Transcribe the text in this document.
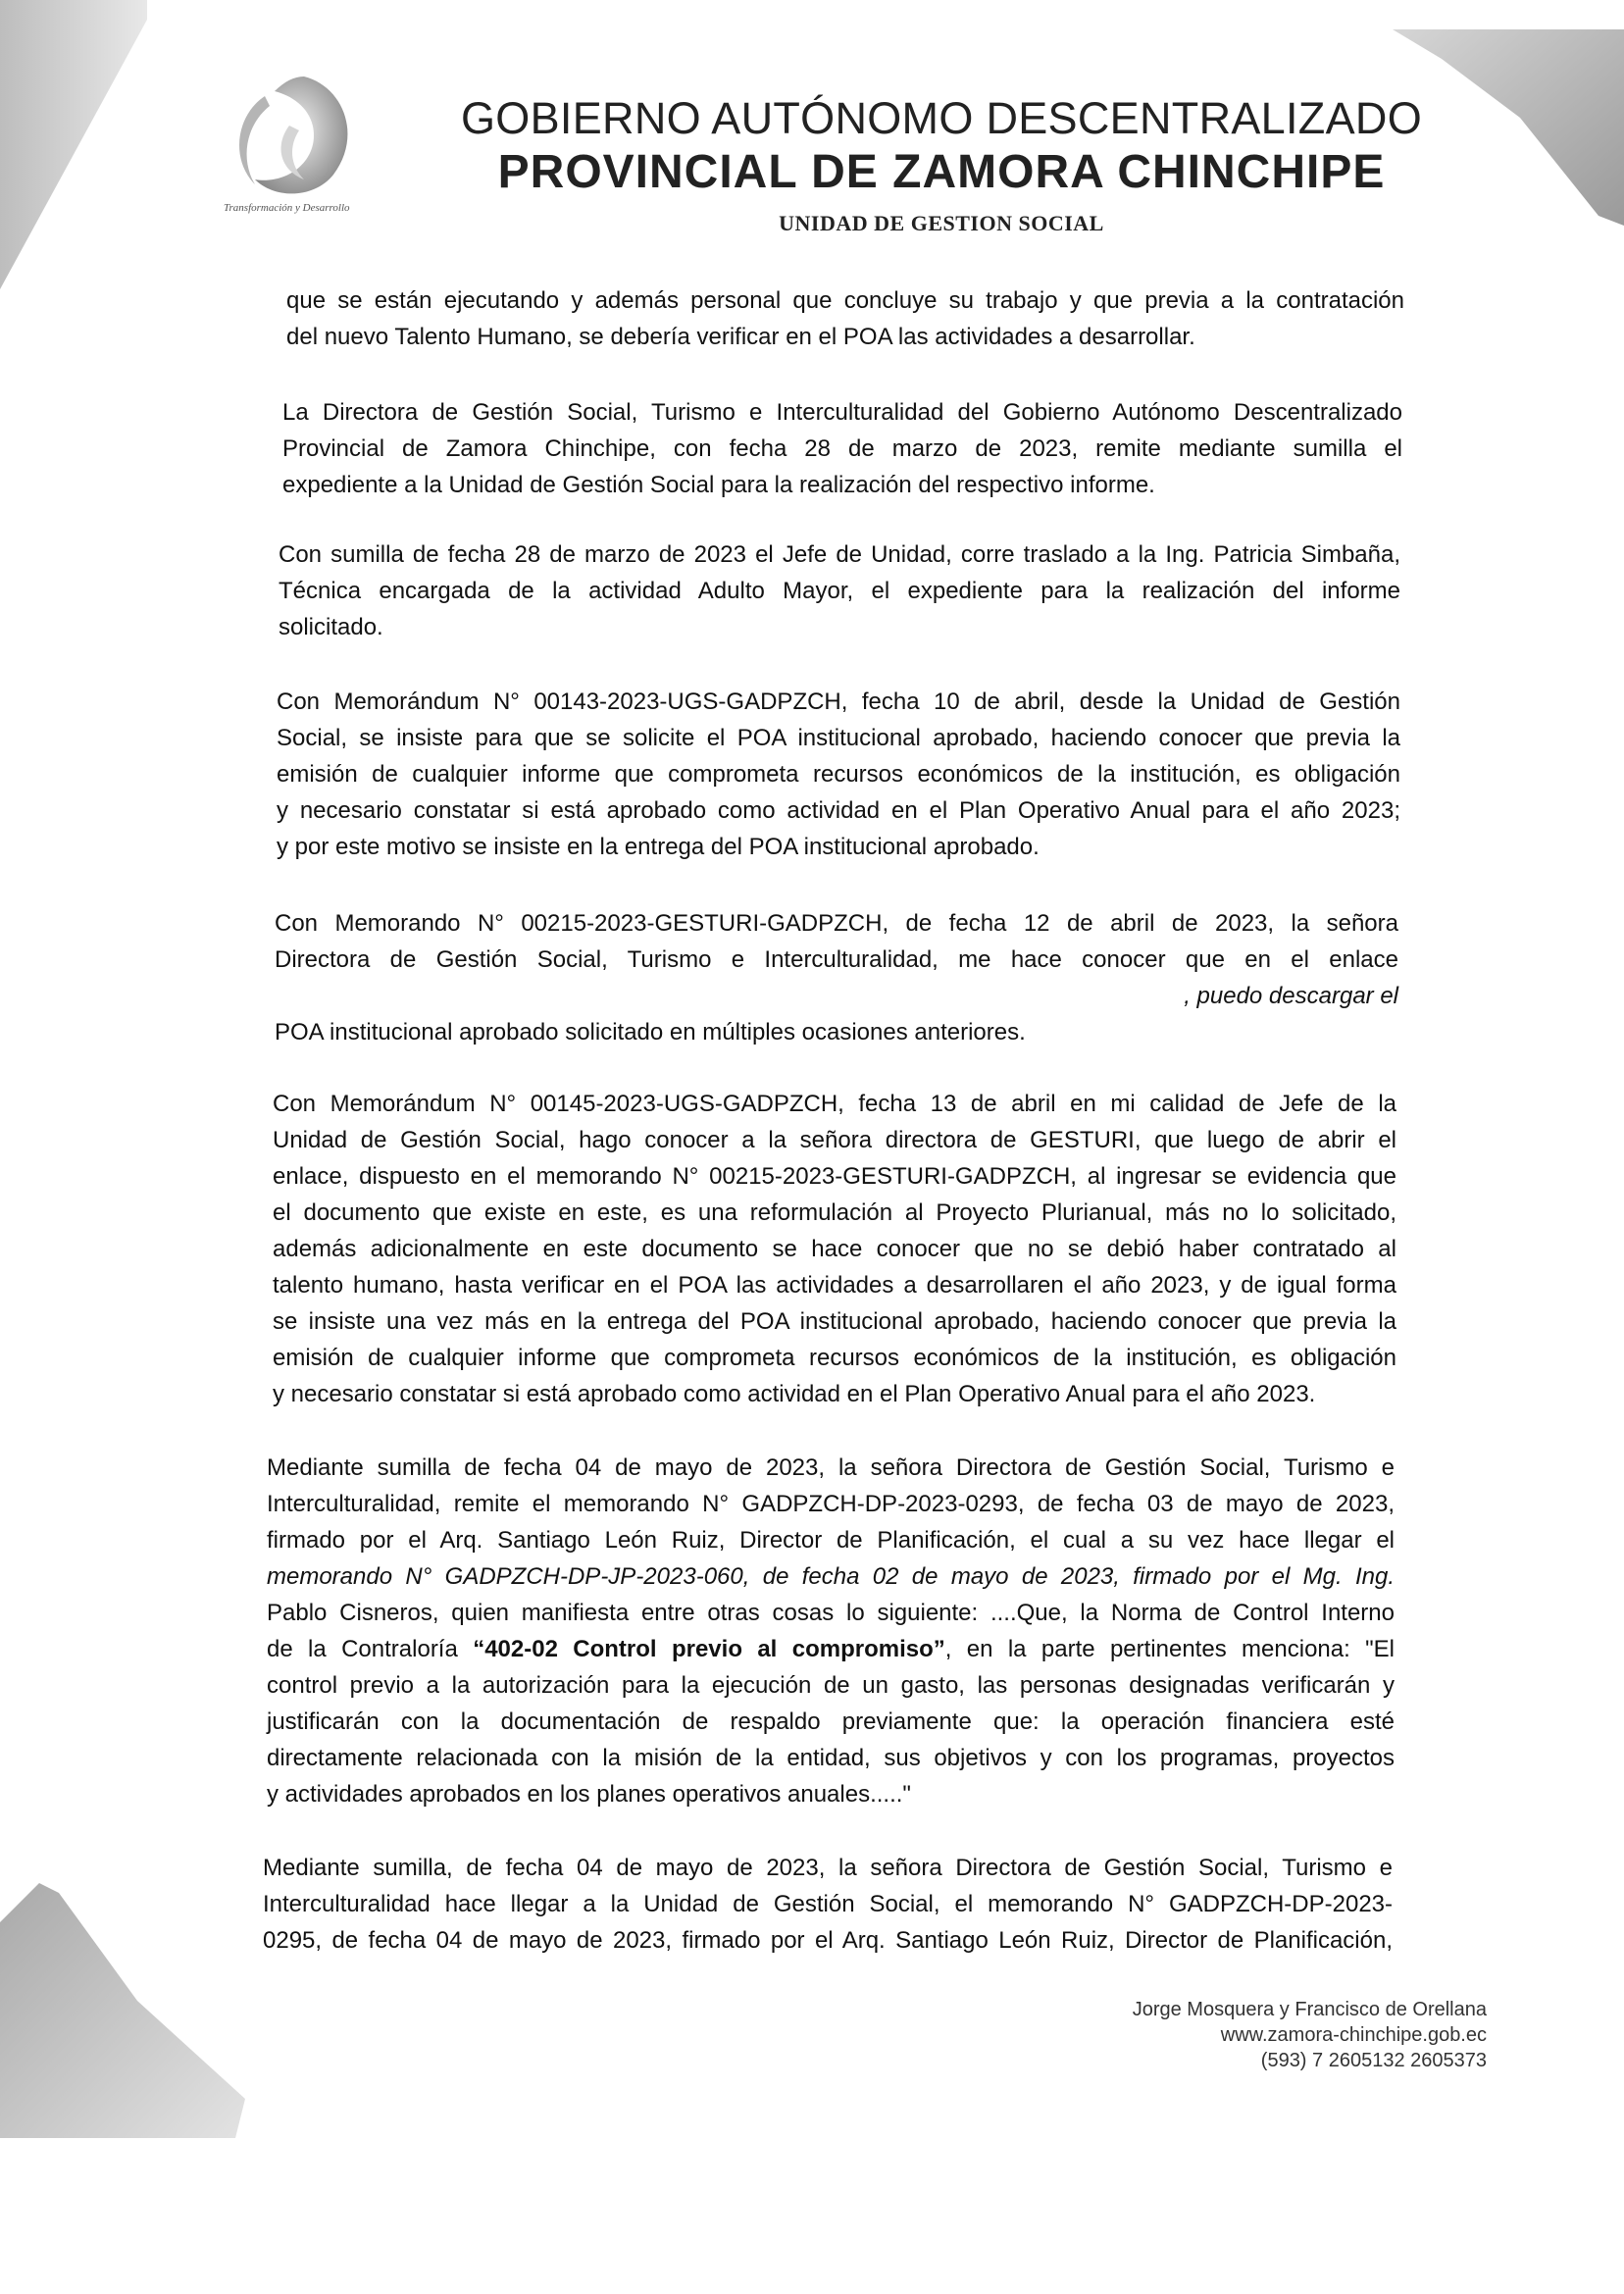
Transformación y Desarrollo
GOBIERNO AUTÓNOMO DESCENTRALIZADO
PROVINCIAL DE ZAMORA CHINCHIPE
UNIDAD DE GESTION SOCIAL
que se están ejecutando y además personal que concluye su trabajo y que previa a la contratación
del nuevo Talento Humano, se debería verificar en el POA las actividades a desarrollar.
La Directora de Gestión Social, Turismo e Interculturalidad del Gobierno Autónomo Descentralizado
Provincial de Zamora Chinchipe, con fecha 28 de marzo de 2023, remite mediante sumilla el
expediente a la Unidad de Gestión Social para la realización del respectivo informe.
Con sumilla de fecha 28 de marzo de 2023 el Jefe de Unidad, corre traslado a la Ing. Patricia Simbaña,
Técnica encargada de la actividad Adulto Mayor, el expediente para la realización del informe
solicitado.
Con Memorándum N° 00143-2023-UGS-GADPZCH, fecha 10 de abril, desde la Unidad de Gestión
Social, se insiste para que se solicite el POA institucional aprobado, haciendo conocer que previa la
emisión de cualquier informe que comprometa recursos económicos de la institución, es obligación
y necesario constatar si está aprobado como actividad en el Plan Operativo Anual para el año 2023;
y por este motivo se insiste en la entrega del POA institucional aprobado.
Con Memorando N° 00215-2023-GESTURI-GADPZCH, de fecha 12 de abril de 2023, la señora
Directora de Gestión Social, Turismo e Interculturalidad, me hace conocer que en el enlace
, puedo descargar el
POA institucional aprobado solicitado en múltiples ocasiones anteriores.
Con Memorándum N° 00145-2023-UGS-GADPZCH, fecha 13 de abril en mi calidad de Jefe de la
Unidad de Gestión Social, hago conocer a la señora directora de GESTURI, que luego de abrir el
enlace, dispuesto en el memorando N° 00215-2023-GESTURI-GADPZCH, al ingresar se evidencia que
el documento que existe en este, es una reformulación al Proyecto Plurianual, más no lo solicitado,
además adicionalmente en este documento se hace conocer que no se debió haber contratado al
talento humano, hasta verificar en el POA las actividades a desarrollaren el año 2023, y de igual forma
se insiste una vez más en la entrega del POA institucional aprobado, haciendo conocer que previa la
emisión de cualquier informe que comprometa recursos económicos de la institución, es obligación
y necesario constatar si está aprobado como actividad en el Plan Operativo Anual para el año 2023.
Mediante sumilla de fecha 04 de mayo de 2023, la señora Directora de Gestión Social, Turismo e
Interculturalidad, remite el memorando N° GADPZCH-DP-2023-0293, de fecha 03 de mayo de 2023,
firmado por el Arq. Santiago León Ruiz, Director de Planificación, el cual a su vez hace llegar el
memorando N° GADPZCH-DP-JP-2023-060, de fecha 02 de mayo de 2023, firmado por el Mg. Ing.
Pablo Cisneros, quien manifiesta entre otras cosas lo siguiente: ....Que, la Norma de Control Interno
de la Contraloría “402-02 Control previo al compromiso”, en la parte pertinentes menciona: "El
control previo a la autorización para la ejecución de un gasto, las personas designadas verificarán y
justificarán con la documentación de respaldo previamente que: la operación financiera esté
directamente relacionada con la misión de la entidad, sus objetivos y con los programas, proyectos
y actividades aprobados en los planes operativos anuales....."
Mediante sumilla, de fecha 04 de mayo de 2023, la señora Directora de Gestión Social, Turismo e
Interculturalidad hace llegar a la Unidad de Gestión Social, el memorando N° GADPZCH-DP-2023-
0295, de fecha 04 de mayo de 2023, firmado por el Arq. Santiago León Ruiz, Director de Planificación,
Jorge Mosquera y Francisco de Orellana
www.zamora-chinchipe.gob.ec
(593) 7 2605132 2605373
